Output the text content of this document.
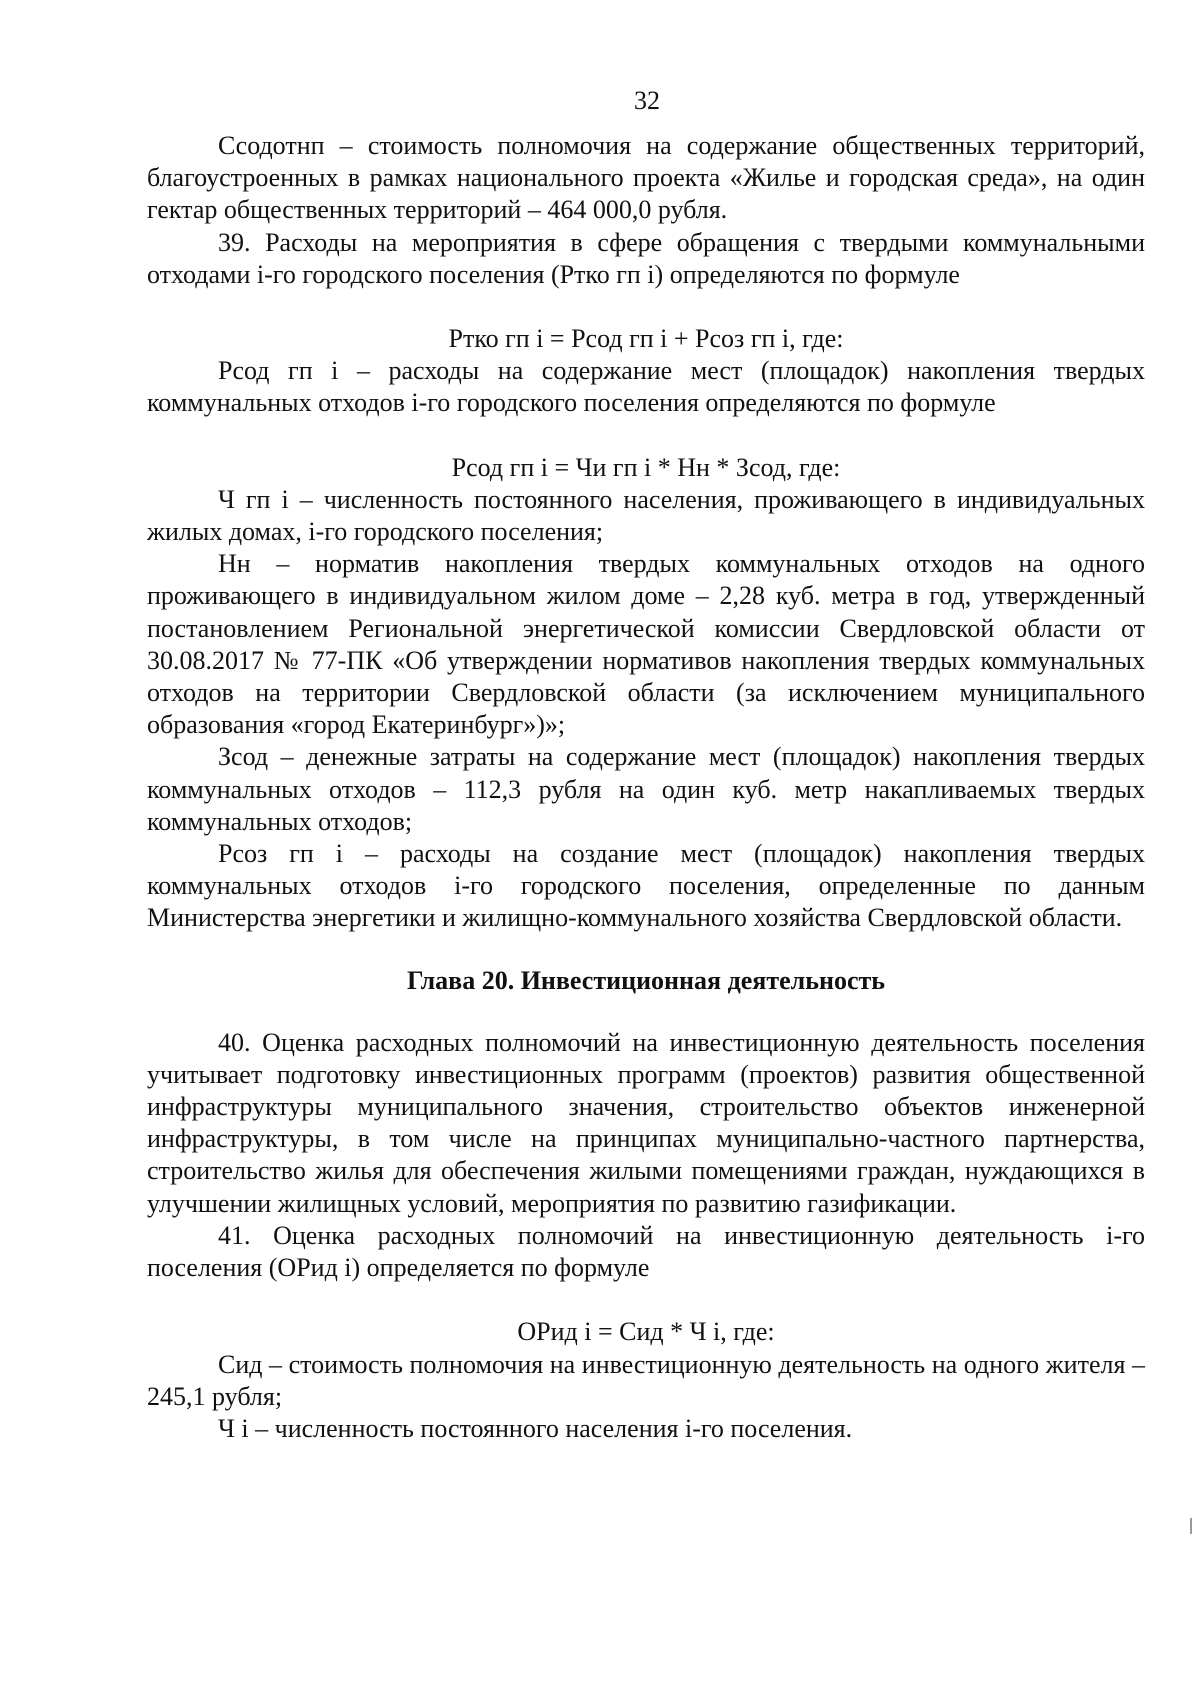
32

Ссодотнп – стоимость полномочия на содержание общественных территорий, благоустроенных в рамках национального проекта «Жилье и городская среда», на один гектар общественных территорий – 464 000,0 рубля.

39. Расходы на мероприятия в сфере обращения с твердыми коммунальными отходами i-го городского поселения (Ртко гп i) определяются по формуле

Ртко гп i = Рсод гп i + Рсоз гп i, где:

Рсод гп i – расходы на содержание мест (площадок) накопления твердых коммунальных отходов i-го городского поселения определяются по формуле

Рсод гп i = Чи гп i * Нн * Зсод, где:

Ч гп i – численность постоянного населения, проживающего в индивидуальных жилых домах, i-го городского поселения;

Нн – норматив накопления твердых коммунальных отходов на одного проживающего в индивидуальном жилом доме – 2,28 куб. метра в год, утвержденный постановлением Региональной энергетической комиссии Свердловской области от 30.08.2017 № 77-ПК «Об утверждении нормативов накопления твердых коммунальных отходов на территории Свердловской области (за исключением муниципального образования «город Екатеринбург»)»;

Зсод – денежные затраты на содержание мест (площадок) накопления твердых коммунальных отходов – 112,3 рубля на один куб. метр накапливаемых твердых коммунальных отходов;

Рсоз гп i – расходы на создание мест (площадок) накопления твердых коммунальных отходов i-го городского поселения, определенные по данным Министерства энергетики и жилищно-коммунального хозяйства Свердловской области.

Глава 20. Инвестиционная деятельность

40. Оценка расходных полномочий на инвестиционную деятельность поселения учитывает подготовку инвестиционных программ (проектов) развития общественной инфраструктуры муниципального значения, строительство объектов инженерной инфраструктуры, в том числе на принципах муниципально-частного партнерства, строительство жилья для обеспечения жилыми помещениями граждан, нуждающихся в улучшении жилищных условий, мероприятия по развитию газификации.

41. Оценка расходных полномочий на инвестиционную деятельность i-го поселения (ОРид i) определяется по формуле

ОРид i = Сид * Ч i, где:

Сид – стоимость полномочия на инвестиционную деятельность на одного жителя – 245,1 рубля;

Ч i – численность постоянного населения i-го поселения.
